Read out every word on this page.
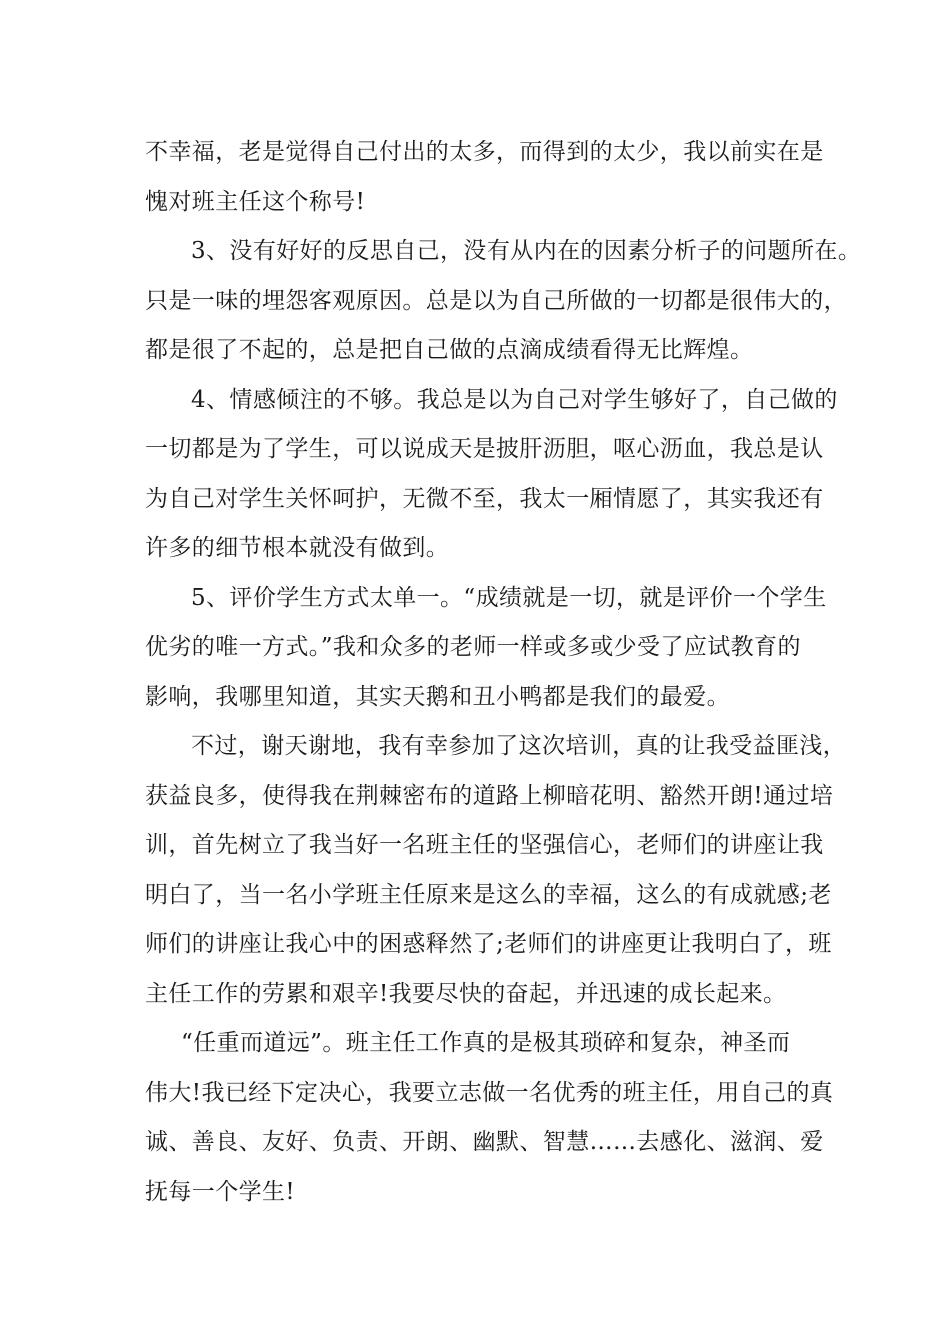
不幸福，老是觉得自己付出的太多，而得到的太少，我以前实在是
愧对班主任这个称号!
3、没有好好的反思自己，没有从内在的因素分析子的问题所在。
只是一味的埋怨客观原因。总是以为自己所做的一切都是很伟大的，
都是很了不起的，总是把自己做的点滴成绩看得无比辉煌。
4、情感倾注的不够。我总是以为自己对学生够好了，自己做的
一切都是为了学生，可以说成天是披肝沥胆，呕心沥血，我总是认
为自己对学生关怀呵护，无微不至，我太一厢情愿了，其实我还有
许多的细节根本就没有做到。
5、评价学生方式太单一。“成绩就是一切，就是评价一个学生
优劣的唯一方式。”我和众多的老师一样或多或少受了应试教育的
影响，我哪里知道，其实天鹅和丑小鸭都是我们的最爱。
不过，谢天谢地，我有幸参加了这次培训，真的让我受益匪浅，
获益良多，使得我在荆棘密布的道路上柳暗花明、豁然开朗!通过培
训，首先树立了我当好一名班主任的坚强信心，老师们的讲座让我
明白了，当一名小学班主任原来是这么的幸福，这么的有成就感;老
师们的讲座让我心中的困惑释然了;老师们的讲座更让我明白了，班
主任工作的劳累和艰辛!我要尽快的奋起，并迅速的成长起来。
“任重而道远”。班主任工作真的是极其琐碎和复杂，神圣而
伟大!我已经下定决心，我要立志做一名优秀的班主任，用自己的真
诚、善良、友好、负责、开朗、幽默、智慧……去感化、滋润、爱
抚每一个学生!
